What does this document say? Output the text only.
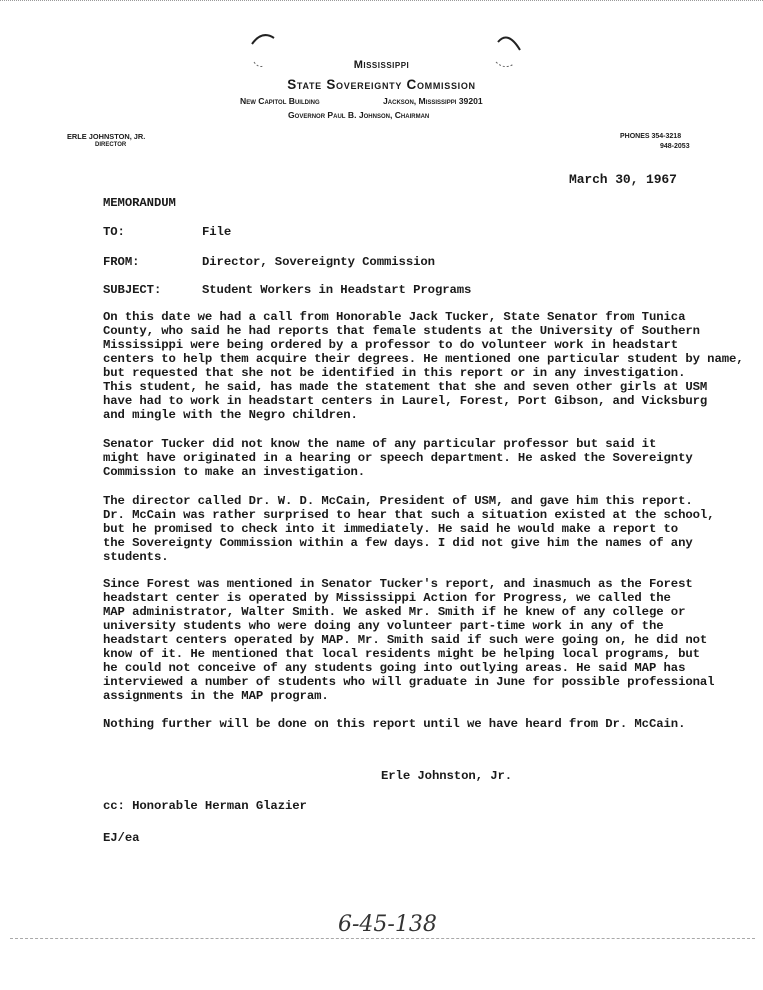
Mississippi
State Sovereignty Commission
New Capitol Building	Jackson, Mississippi 39201
Governor Paul B. Johnson, Chairman
ERLE JOHNSTON, JR.
DIRECTOR
PHONES 354-3218
948-2053
March 30, 1967
MEMORANDUM
TO:	File
FROM:	Director, Sovereignty Commission
SUBJECT:	Student Workers in Headstart Programs
On this date we had a call from Honorable Jack Tucker, State Senator from Tunica
County, who said he had reports that female students at the University of Southern
Mississippi were being ordered by a professor to do volunteer work in headstart
centers to help them acquire their degrees. He mentioned one particular student by name,
but requested that she not be identified in this report or in any investigation.
This student, he said, has made the statement that she and seven other girls at USM
have had to work in headstart centers in Laurel, Forest, Port Gibson, and Vicksburg
and mingle with the Negro children.
Senator Tucker did not know the name of any particular professor but said it
might have originated in a hearing or speech department. He asked the Sovereignty
Commission to make an investigation.
The director called Dr. W. D. McCain, President of USM, and gave him this report.
Dr. McCain was rather surprised to hear that such a situation existed at the school,
but he promised to check into it immediately. He said he would make a report to
the Sovereignty Commission within a few days. I did not give him the names of any
students.
Since Forest was mentioned in Senator Tucker's report, and inasmuch as the Forest
headstart center is operated by Mississippi Action for Progress, we called the
MAP administrator, Walter Smith. We asked Mr. Smith if he knew of any college or
university students who were doing any volunteer part-time work in any of the
headstart centers operated by MAP. Mr. Smith said if such were going on, he did not
know of it. He mentioned that local residents might be helping local programs, but
he could not conceive of any students going into outlying areas. He said MAP has
interviewed a number of students who will graduate in June for possible professional
assignments in the MAP program.
Nothing further will be done on this report until we have heard from Dr. McCain.
Erle Johnston, Jr.
cc: Honorable Herman Glazier
EJ/ea
6-45-138
